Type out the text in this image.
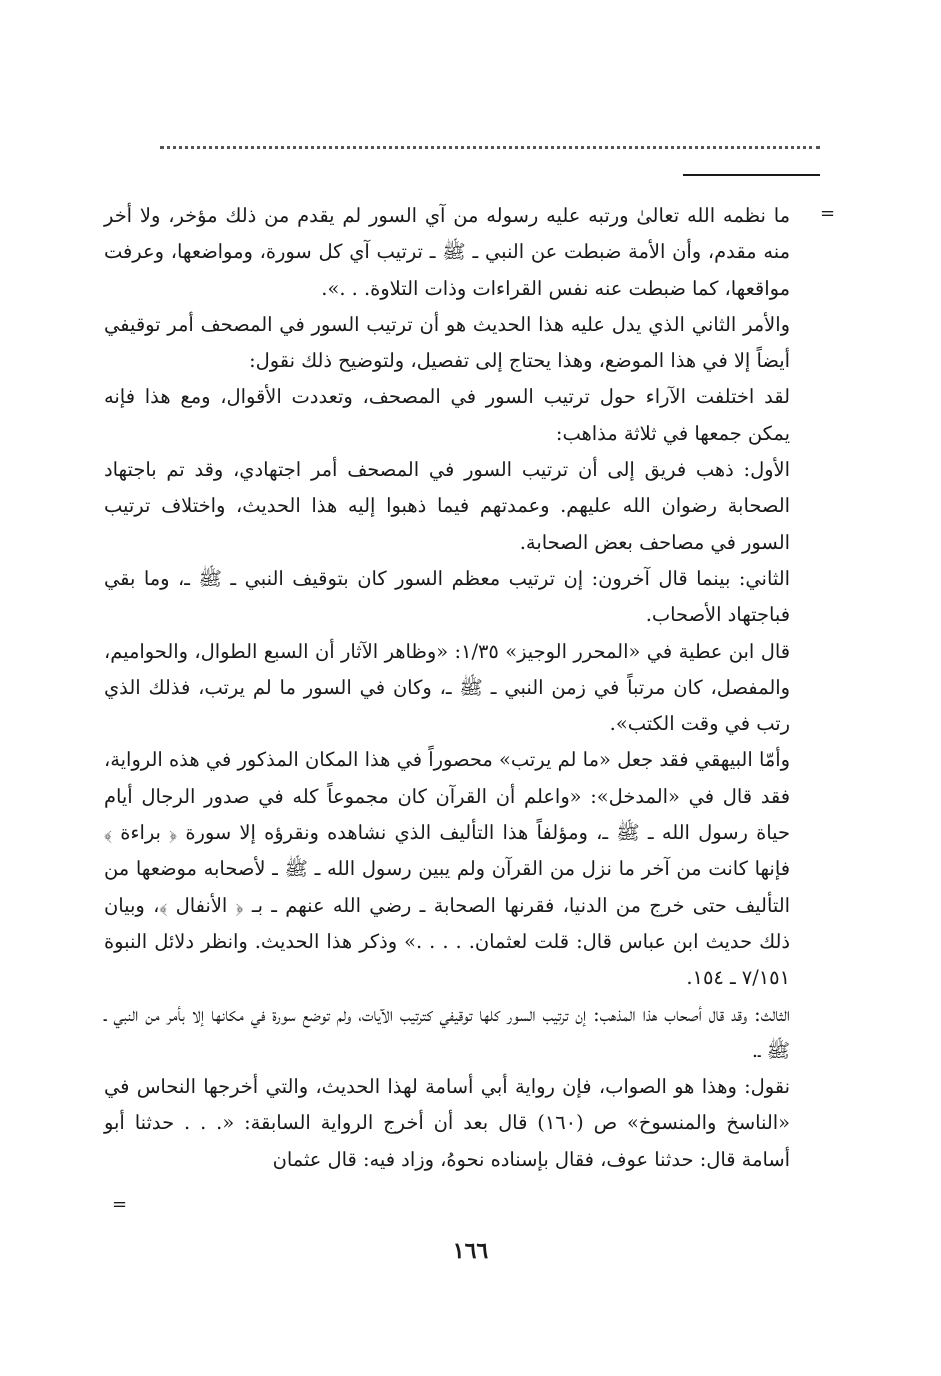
=

ما نظمه الله تعالىٰ ورتبه عليه رسوله من آي السور لم يقدم من ذلك مؤخر، ولا أخر منه مقدم، وأن الأمة ضبطت عن النبي ـ ﷺ ـ ترتيب آي كل سورة، ومواضعها، وعرفت مواقعها، كما ضبطت عنه نفس القراءات وذات التلاوة. . .».

والأمر الثاني الذي يدل عليه هذا الحديث هو أن ترتيب السور في المصحف أمر توقيفي أيضاً إلا في هذا الموضع، وهذا يحتاج إلى تفصيل، ولتوضيح ذلك نقول:

لقد اختلفت الآراء حول ترتيب السور في المصحف، وتعددت الأقوال، ومع هذا فإنه يمكن جمعها في ثلاثة مذاهب:

الأول: ذهب فريق إلى أن ترتيب السور في المصحف أمر اجتهادي، وقد تم باجتهاد الصحابة رضوان الله عليهم. وعمدتهم فيما ذهبوا إليه هذا الحديث، واختلاف ترتيب السور في مصاحف بعض الصحابة.

الثاني: بينما قال آخرون: إن ترتيب معظم السور كان بتوقيف النبي ـ ﷺ ـ، وما بقي فباجتهاد الأصحاب.

قال ابن عطية في «المحرر الوجيز» ١/٣٥: «وظاهر الآثار أن السبع الطوال، والحواميم، والمفصل، كان مرتباً في زمن النبي ـ ﷺ ـ، وكان في السور ما لم يرتب، فذلك الذي رتب في وقت الكتب».

وأمّا البيهقي فقد جعل «ما لم يرتب» محصوراً في هذا المكان المذكور في هذه الرواية، فقد قال في «المدخل»: «واعلم أن القرآن كان مجموعاً كله في صدور الرجال أيام حياة رسول الله ـ ﷺ ـ، ومؤلفاً هذا التأليف الذي نشاهده ونقرؤه إلا سورة ﴿ براءة ﴾ فإنها كانت من آخر ما نزل من القرآن ولم يبين رسول الله ـ ﷺ ـ لأصحابه موضعها من التأليف حتى خرج من الدنيا، فقرنها الصحابة ـ رضي الله عنهم ـ بـ ﴿ الأنفال ﴾، وبيان ذلك حديث ابن عباس قال: قلت لعثمان. . . . .» وذكر هذا الحديث. وانظر دلائل النبوة ٧/١٥١ ـ ١٥٤.

الثالث: وقد قال أصحاب هذا المذهب: إن ترتيب السور كلها توقيفي كترتيب الآيات، ولم توضع سورة في مكانها إلا بأمر من النبي ـ ﷺ ـ.

نقول: وهذا هو الصواب، فإن رواية أبي أسامة لهذا الحديث، والتي أخرجها النحاس في «الناسخ والمنسوخ» ص (١٦٠) قال بعد أن أخرج الرواية السابقة: «. . . حدثنا أبو أسامة قال: حدثنا عوف، فقال بإسناده نحوهُ، وزاد فيه: قال عثمان

=
١٦٦
